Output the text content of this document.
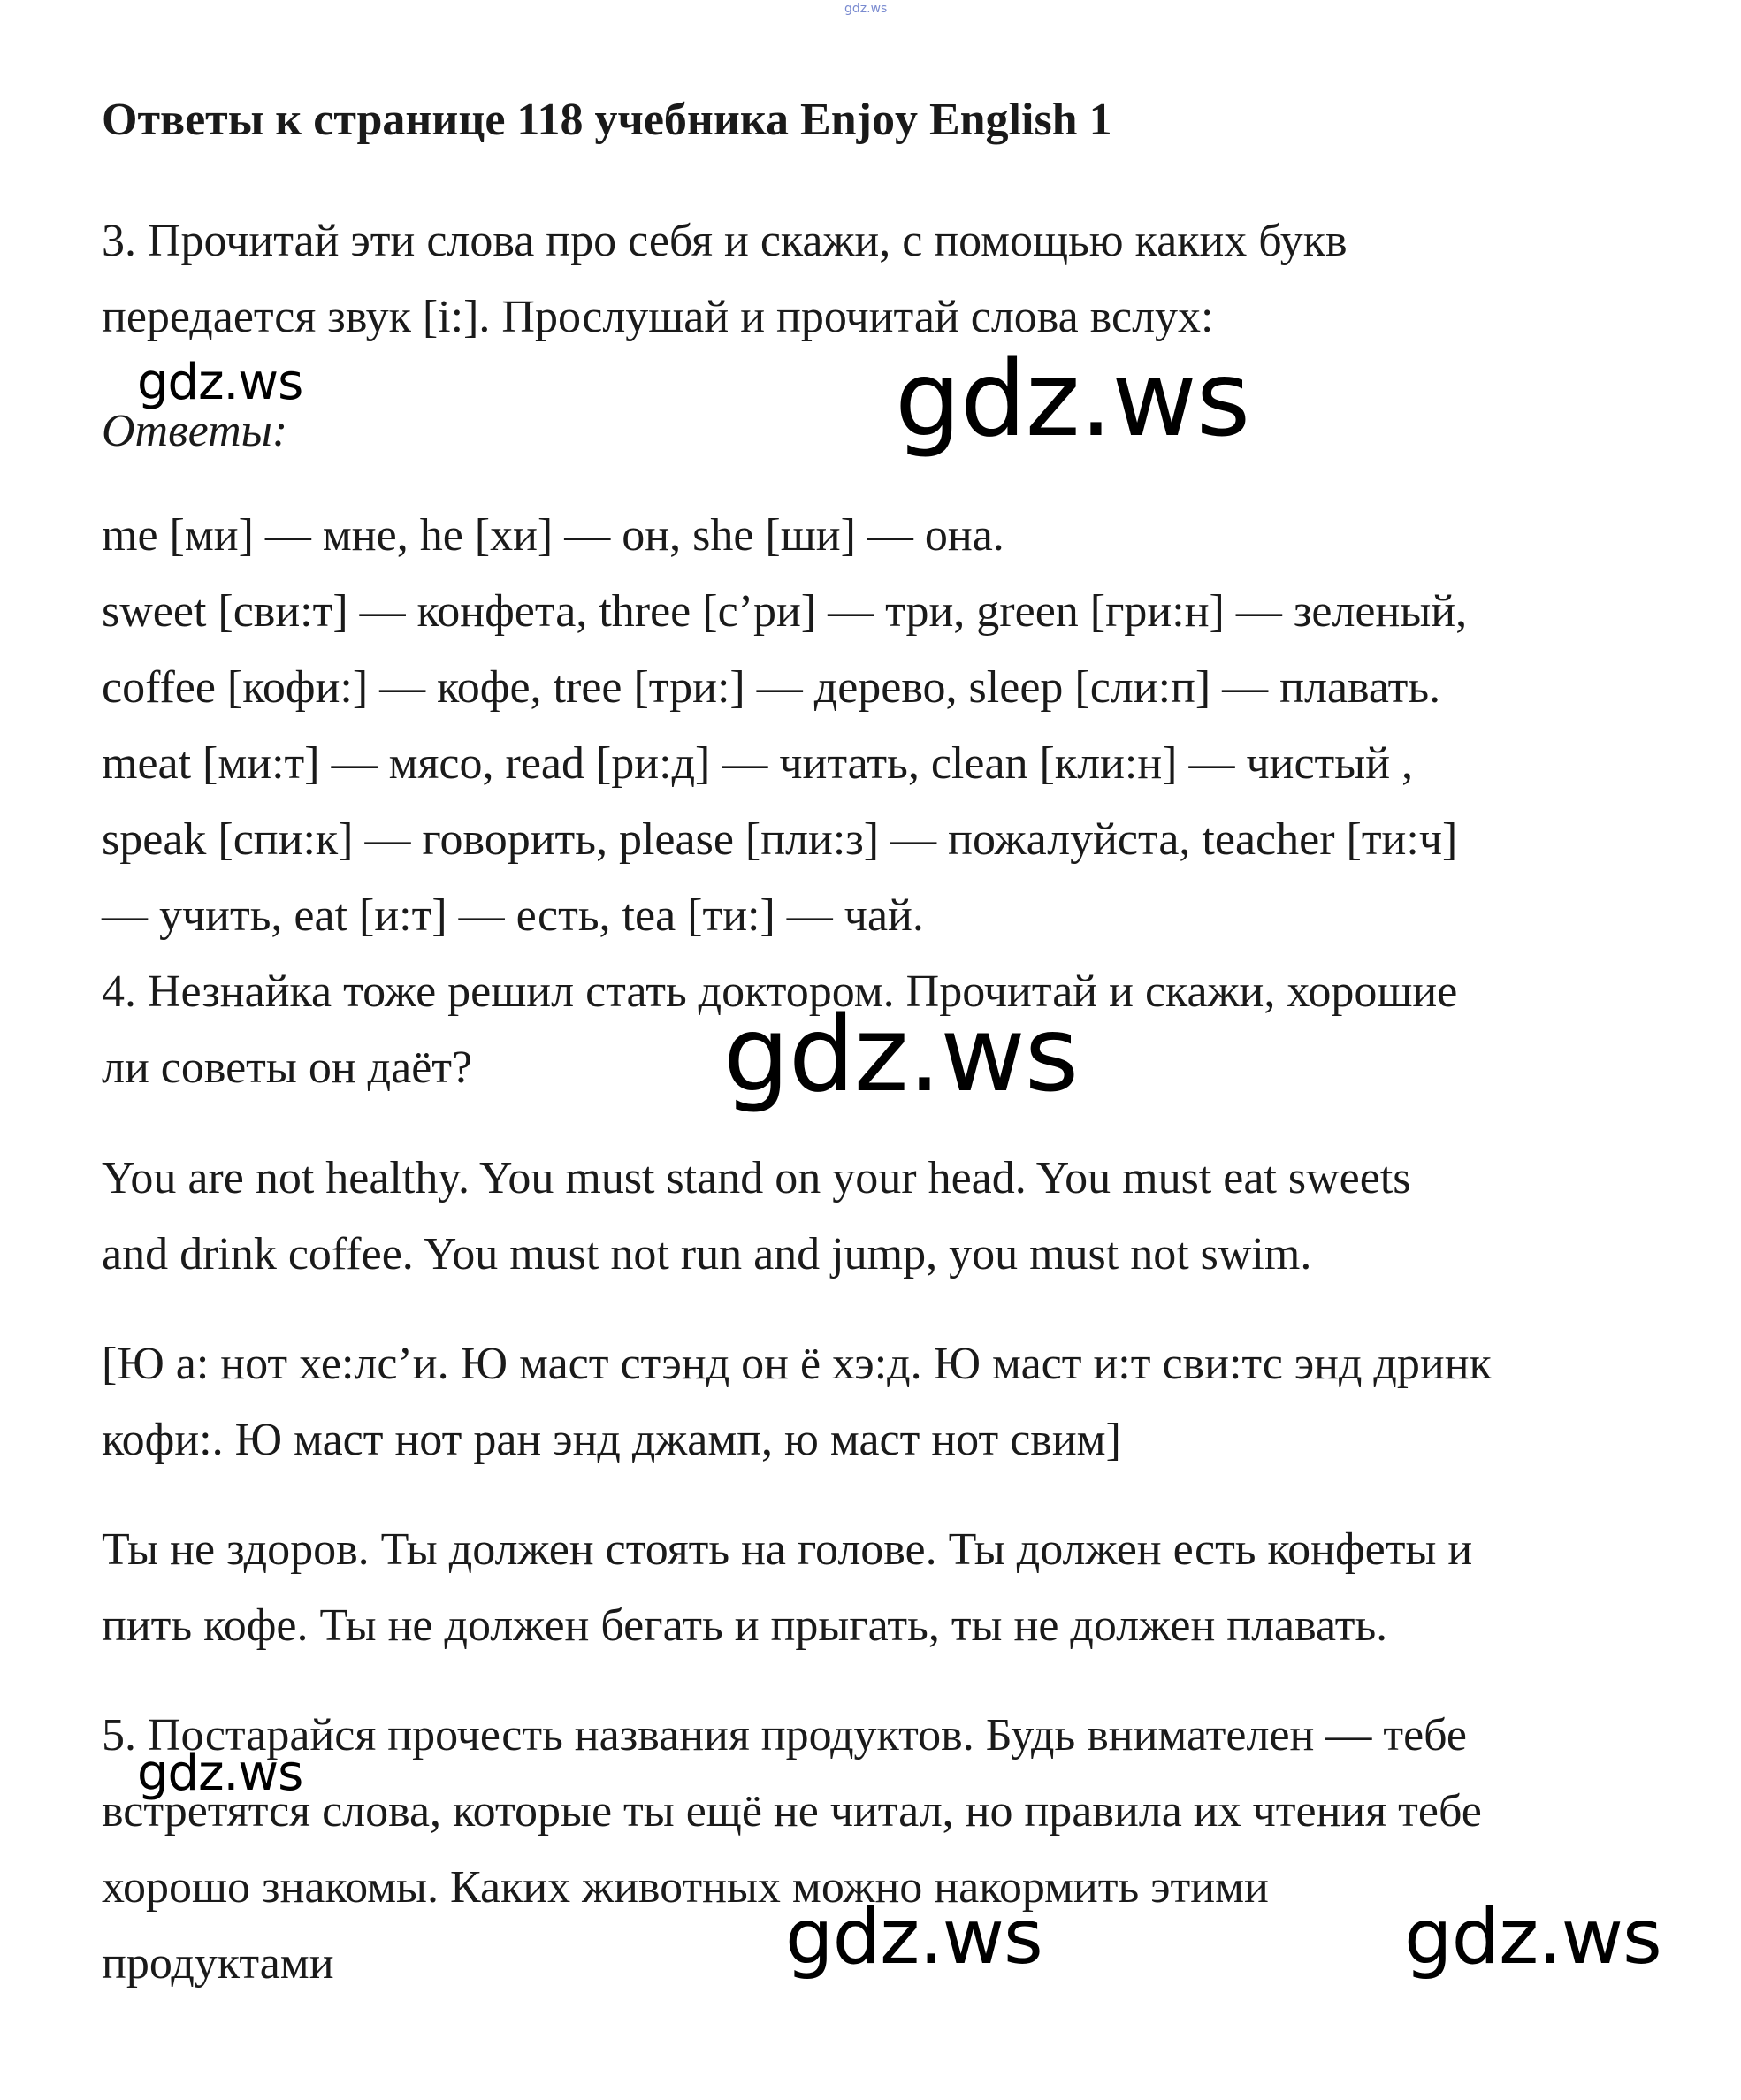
gdz.ws

Ответы к странице 118 учебника Enjoy English 1

3. Прочитай эти слова про себя и скажи, с помощью каких букв

передается звук [i:]. Прослушай и прочитай слова вслух:

gdz.ws	gdz.ws

Ответы:

me [ми] — мне, he [хи] — он, she [ши] — она.

sweet [сви:т] — конфета, three [с’ри] — три, green [гри:н] — зеленый,

coffee [кофи:] — кофе, tree [три:] — дерево, sleep [сли:п] — плавать.

meat [ми:т] — мясо, read [ри:д] — читать, clean [кли:н] — чистый ,

speak [спи:к] — говорить, please [пли:з] — пожалуйста, teacher [ти:ч]

— учить, eat [и:т] — есть, tea [ти:] — чай.

4. Незнайка тоже решил стать доктором. Прочитай и скажи, хорошие

ли советы он даёт? gdz.ws

You are not healthy. You must stand on your head. You must eat sweets

and drink coffee. You must not run and jump, you must not swim.

[Ю а: нот хе:лс’и. Ю маст стэнд он ё хэ:д. Ю маст и:т сви:тс энд дринк

кофи:. Ю маст нот ран энд джамп, ю маст нот свим]

Ты не здоров. Ты должен стоять на голове. Ты должен есть конфеты и

пить кофе. Ты не должен бегать и прыгать, ты не должен плавать.

5. Постарайся прочесть названия продуктов. Будь внимателен — тебе

gdz.ws

встретятся слова, которые ты ещё не читал, но правила их чтения тебе

хорошо знакомы. Каких животных можно накормить этими

продуктами	gdz.ws	gdz.ws
